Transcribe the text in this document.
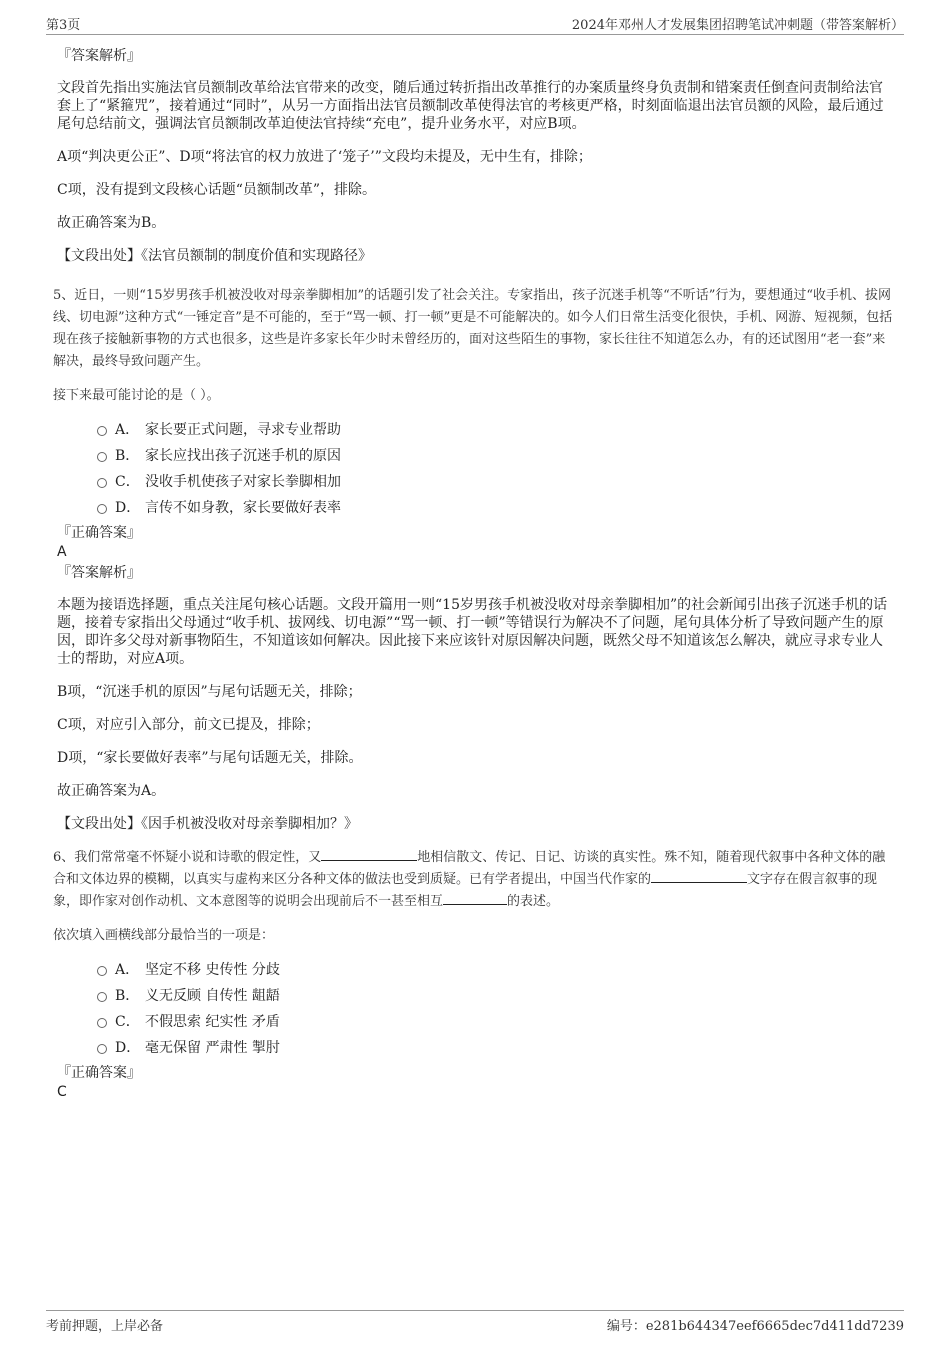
第3页	2024年邓州人才发展集团招聘笔试冲刺题（带答案解析）

『答案解析』

文段首先指出实施法官员额制改革给法官带来的改变，随后通过转折指出改革推行的办案质量终身负责制和错案责任倒查问责制给法官套上了“紧箍咒”，接着通过“同时”，从另一方面指出法官员额制改革使得法官的考核更严格，时刻面临退出法官员额的风险，最后通过尾句总结前文，强调法官员额制改革迫使法官持续“充电”，提升业务水平，对应B项。

A项“判决更公正”、D项“将法官的权力放进了‘笼子’”文段均未提及，无中生有，排除；

C项，没有提到文段核心话题“员额制改革”，排除。

故正确答案为B。

【文段出处】《法官员额制的制度价值和实现路径》

5、近日，一则“15岁男孩手机被没收对母亲拳脚相加”的话题引发了社会关注。专家指出，孩子沉迷手机等“不听话”行为，要想通过“收手机、拔网线、切电源”这种方式“一锤定音”是不可能的，至于“骂一顿、打一顿”更是不可能解决的。如今人们日常生活变化很快，手机、网游、短视频，包括现在孩子接触新事物的方式也很多，这些是许多家长年少时未曾经历的，面对这些陌生的事物，家长往往不知道怎么办，有的还试图用“老一套”来解决，最终导致问题产生。

接下来最可能讨论的是（ ）。

A． 家长要正式问题，寻求专业帮助
B． 家长应找出孩子沉迷手机的原因
C． 没收手机使孩子对家长拳脚相加
D． 言传不如身教，家长要做好表率

『正确答案』

A

『答案解析』

本题为接语选择题，重点关注尾句核心话题。文段开篇用一则“15岁男孩手机被没收对母亲拳脚相加”的社会新闻引出孩子沉迷手机的话题，接着专家指出父母通过“收手机、拔网线、切电源”“骂一顿、打一顿”等错误行为解决不了问题，尾句具体分析了导致问题产生的原因，即许多父母对新事物陌生，不知道该如何解决。因此接下来应该针对原因解决问题，既然父母不知道该怎么解决，就应寻求专业人士的帮助，对应A项。

B项，“沉迷手机的原因”与尾句话题无关，排除；

C项，对应引入部分，前文已提及，排除；

D项，“家长要做好表率”与尾句话题无关，排除。

故正确答案为A。

【文段出处】《因手机被没收对母亲拳脚相加？》

6、我们常常毫不怀疑小说和诗歌的假定性，又	地相信散文、传记、日记、访谈的真实性。殊不知，随着现代叙事中各种文体的融合和文体边界的模糊，以真实与虚构来区分各种文体的做法也受到质疑。已有学者提出，中国当代作家的	文字存在假言叙事的现象，即作家对创作动机、文本意图等的说明会出现前后不一甚至相互	的表述。

依次填入画横线部分最恰当的一项是：

A． 坚定不移 史传性 分歧
B． 义无反顾 自传性 龃龉
C． 不假思索 纪实性 矛盾
D． 毫无保留 严肃性 掣肘

『正确答案』

C

考前押题，上岸必备	编号：e281b644347eef6665dec7d411dd7239
